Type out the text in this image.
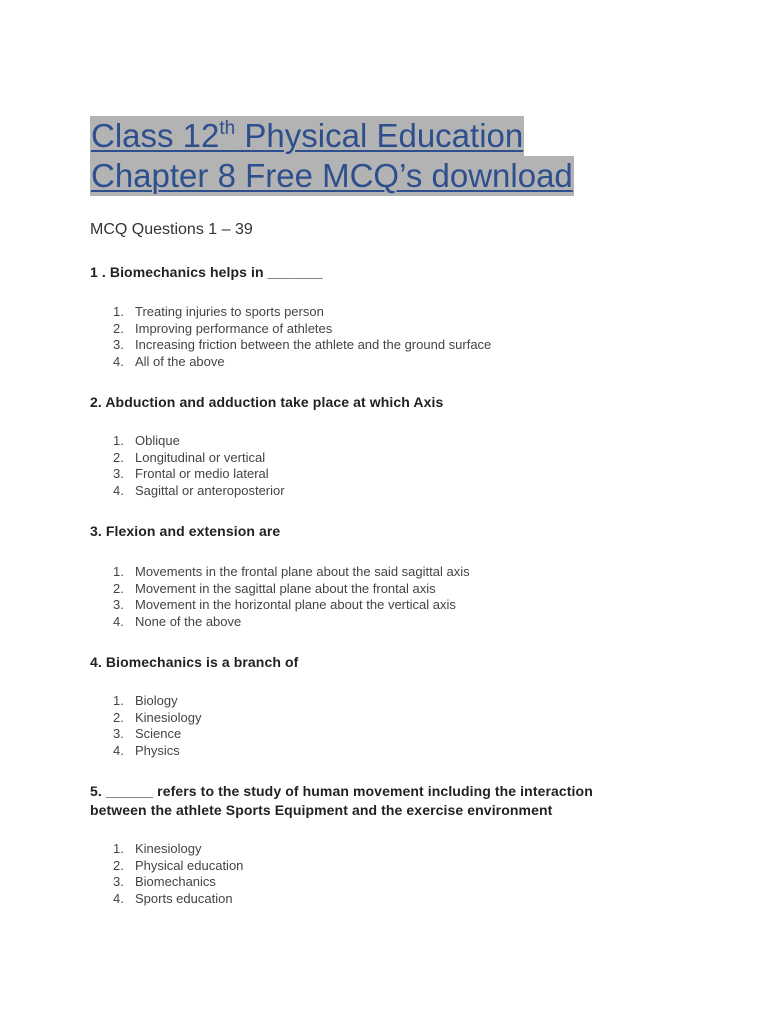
Class 12th Physical Education
Chapter 8 Free MCQ’s download

MCQ Questions 1 – 39

1 . Biomechanics helps in _______

1. Treating injuries to sports person
2. Improving performance of athletes
3. Increasing friction between the athlete and the ground surface
4. All of the above

2. Abduction and adduction take place at which Axis

1. Oblique
2. Longitudinal or vertical
3. Frontal or medio lateral
4. Sagittal or anteroposterior

3. Flexion and extension are

1. Movements in the frontal plane about the said sagittal axis
2. Movement in the sagittal plane about the frontal axis
3. Movement in the horizontal plane about the vertical axis
4. None of the above

4. Biomechanics is a branch of

1. Biology
2. Kinesiology
3. Science
4. Physics

5. ______ refers to the study of human movement including the interaction between the athlete Sports Equipment and the exercise environment

1. Kinesiology
2. Physical education
3. Biomechanics
4. Sports education
